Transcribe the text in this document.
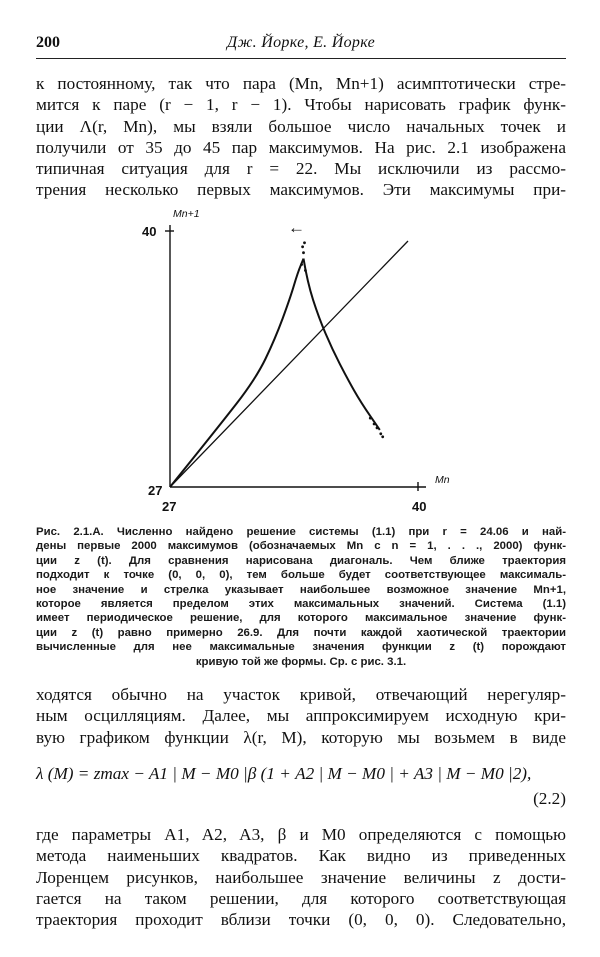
200	Дж. Йорке, Е. Йорке
к постоянному, так что пара (Mn, Mn+1) асимптотически стре-
мится к паре (r − 1, r − 1). Чтобы нарисовать график функ-
ции Λ(r, Mn), мы взяли большое число начальных точек и
получили от 35 до 45 пар максимумов. На рис. 2.1 изображена
типичная ситуация для r = 22. Мы исключили из рассмо-
трения несколько первых максимумов. Эти максимумы при-
Mn+1
Mn
40
27
27	40
←
Рис. 2.1.А. Численно найдено решение системы (1.1) при r = 24.06 и най-
дены первые 2000 максимумов (обозначаемых Mn с n = 1, . . ., 2000) функ-
ции z (t). Для сравнения нарисована диагональ. Чем ближе траектория
подходит к точке (0, 0, 0), тем больше будет соответствующее максималь-
ное значение и стрелка указывает наибольшее возможное значение Mn+1,
которое является пределом этих максимальных значений. Система (1.1)
имеет периодическое решение, для которого максимальное значение функ-
ции z (t) равно примерно 26.9. Для почти каждой хаотической траектории
вычисленные для нее максимальные значения функции z (t) порождают
кривую той же формы. Ср. с рис. 3.1.
ходятся обычно на участок кривой, отвечающий нерегуляр-
ным осцилляциям. Далее, мы аппроксимируем исходную кри-
вую графиком функции λ(r, M), которую мы возьмем в виде
λ (M) = zmax − A1 | M − M0 |β (1 + A2 | M − M0 | + A3 | M − M0 |2),
(2.2)
где параметры A1, A2, A3, β и M0 определяются с помощью
метода наименьших квадратов. Как видно из приведенных
Лоренцем рисунков, наибольшее значение величины z дости-
гается на таком решении, для которого соответствующая
траектория проходит вблизи точки (0, 0, 0). Следовательно,
